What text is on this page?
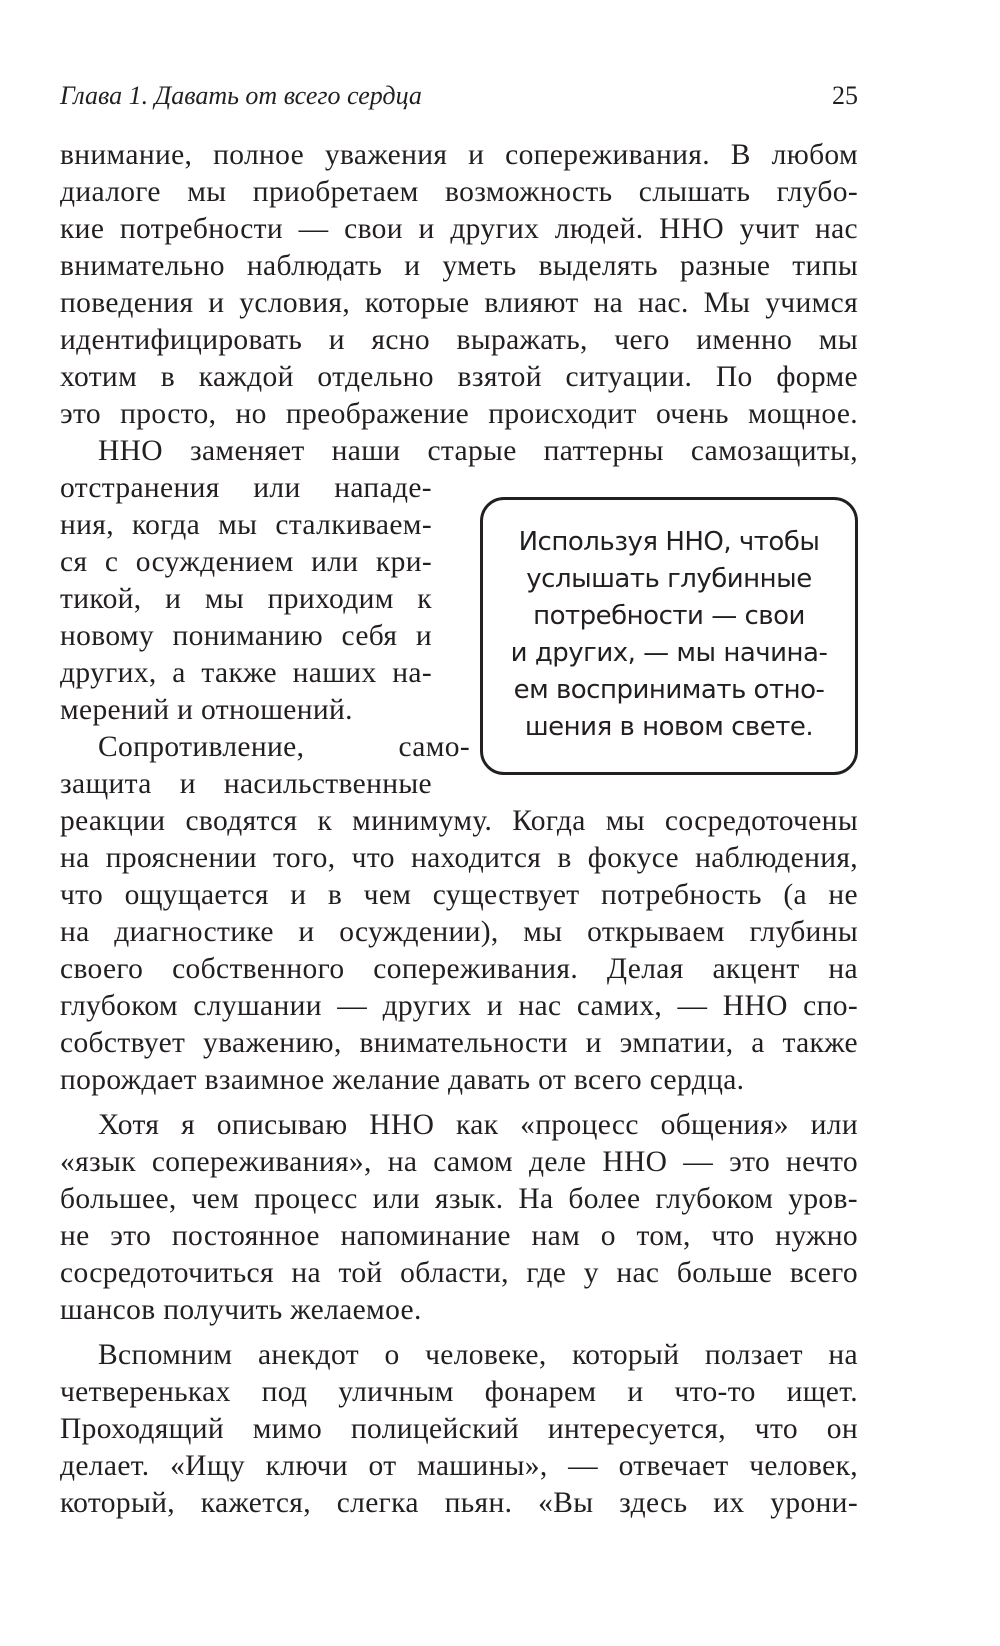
Глава 1. Давать от всего сердца	25
внимание, полное уважения и сопереживания. В любом
диалоге мы приобретаем возможность слышать глубо-
кие потребности — свои и других людей. ННО учит нас
внимательно наблюдать и уметь выделять разные типы
поведения и условия, которые влияют на нас. Мы учимся
идентифицировать и ясно выражать, чего именно мы
хотим в каждой отдельно взятой ситуации. По форме
это просто, но преображение происходит очень мощное.
ННО заменяет наши старые паттерны самозащиты,
отстранения или нападе-
ния, когда мы сталкиваем-
ся с осуждением или кри-
тикой, и мы приходим к
новому пониманию себя и
других, а также наших на-
мерений и отношений.
Сопротивление, само-
защита и насильственные
реакции сводятся к минимуму. Когда мы сосредоточены
на прояснении того, что находится в фокусе наблюдения,
что ощущается и в чем существует потребность (а не
на диагностике и осуждении), мы открываем глубины
своего собственного сопереживания. Делая акцент на
глубоком слушании — других и нас самих, — ННО спо-
собствует уважению, внимательности и эмпатии, а также
порождает взаимное желание давать от всего сердца.
Хотя я описываю ННО как «процесс общения» или
«язык сопереживания», на самом деле ННО — это нечто
большее, чем процесс или язык. На более глубоком уров-
не это постоянное напоминание нам о том, что нужно
сосредоточиться на той области, где у нас больше всего
шансов получить желаемое.
Вспомним анекдот о человеке, который ползает на
четвереньках под уличным фонарем и что-то ищет.
Проходящий мимо полицейский интересуется, что он
делает. «Ищу ключи от машины», — отвечает человек,
который, кажется, слегка пьян. «Вы здесь их урони-
Используя ННО, чтобы
услышать глубинные
потребности — свои
и других, — мы начина-
ем воспринимать отно-
шения в новом свете.
